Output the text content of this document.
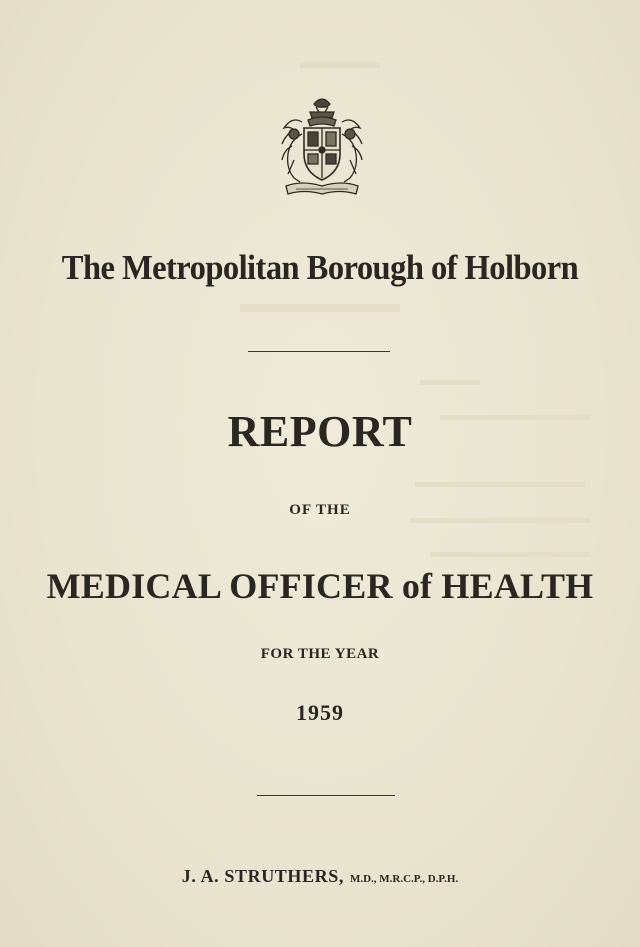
The Metropolitan Borough of Holborn
REPORT
OF THE
MEDICAL OFFICER of HEALTH
FOR THE YEAR
1959
J. A. STRUTHERS, M.D., M.R.C.P., D.P.H.
